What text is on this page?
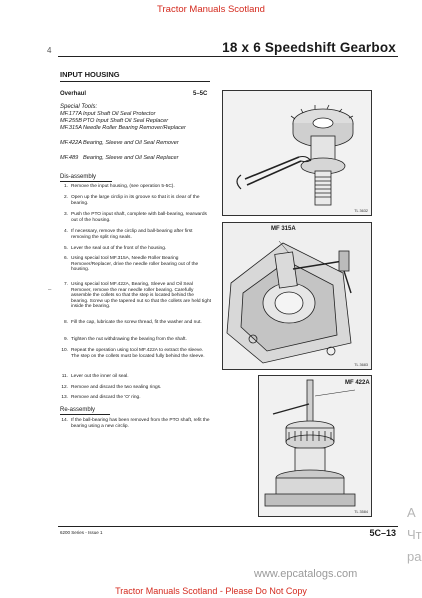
Tractor Manuals Scotland
4	18 x 6 Speedshift Gearbox
INPUT HOUSING
Overhaul	5–5C
Special Tools:
MF.177AInput Shaft Oil Seal Protector
MF.255BPTO Input Shaft Oil Seal Replacer
MF.315ANeedle Roller Bearing Remover/Replacer
MF.422ABearing, Sleeve and Oil Seal Remover
MF.489 Bearing, Sleeve and Oil Seal Replacer
Dis-assembly
1. Remove the input housing, (see operation 5-5C).
2. Open up the large circlip in its groove so that it is clear of the bearing.
3. Push the PTO input shaft, complete with ball-bearing, rearwards out of the housing.
4. If necessary, remove the circlip and ball-bearing after first removing the split ring seals.
5. Lever the seal out of the front of the housing.
6. Using special tool MF.315A, Needle Roller Bearing Remover/Replacer, drive the needle roller bearing out of the housing.
7. Using special tool MF.422A, Bearing, Sleeve and Oil Seal Remover, remove the rear needle roller bearing. Carefully assemble the collets so that the step is located behind the bearing. Screw up the tapered nut so that the collets are held tight inside the bearing.
8. Fill the cap, lubricate the screw thread, fit the washer and nut.
9. Tighten the nut withdrawing the bearing from the shaft.
10. Repeat the operation using tool MF.422A to extract the sleeve. The step on the collets must be located fully behind the sleeve.
11. Lever out the inner oil seal.
12. Remove and discard the two sealing rings.
13. Remove and discard the 'O' ring.
Re-assembly
14. If the ball-bearing has been removed from the PTO shaft, refit the bearing using a new circlip.
–
TL 3632
MF 315A
TL 3683
MF 422A
TL 3584
6200 Series - Issue 1	5C–13
А Чт ра
www.epcatalogs.com
Tractor Manuals Scotland - Please Do Not Copy
